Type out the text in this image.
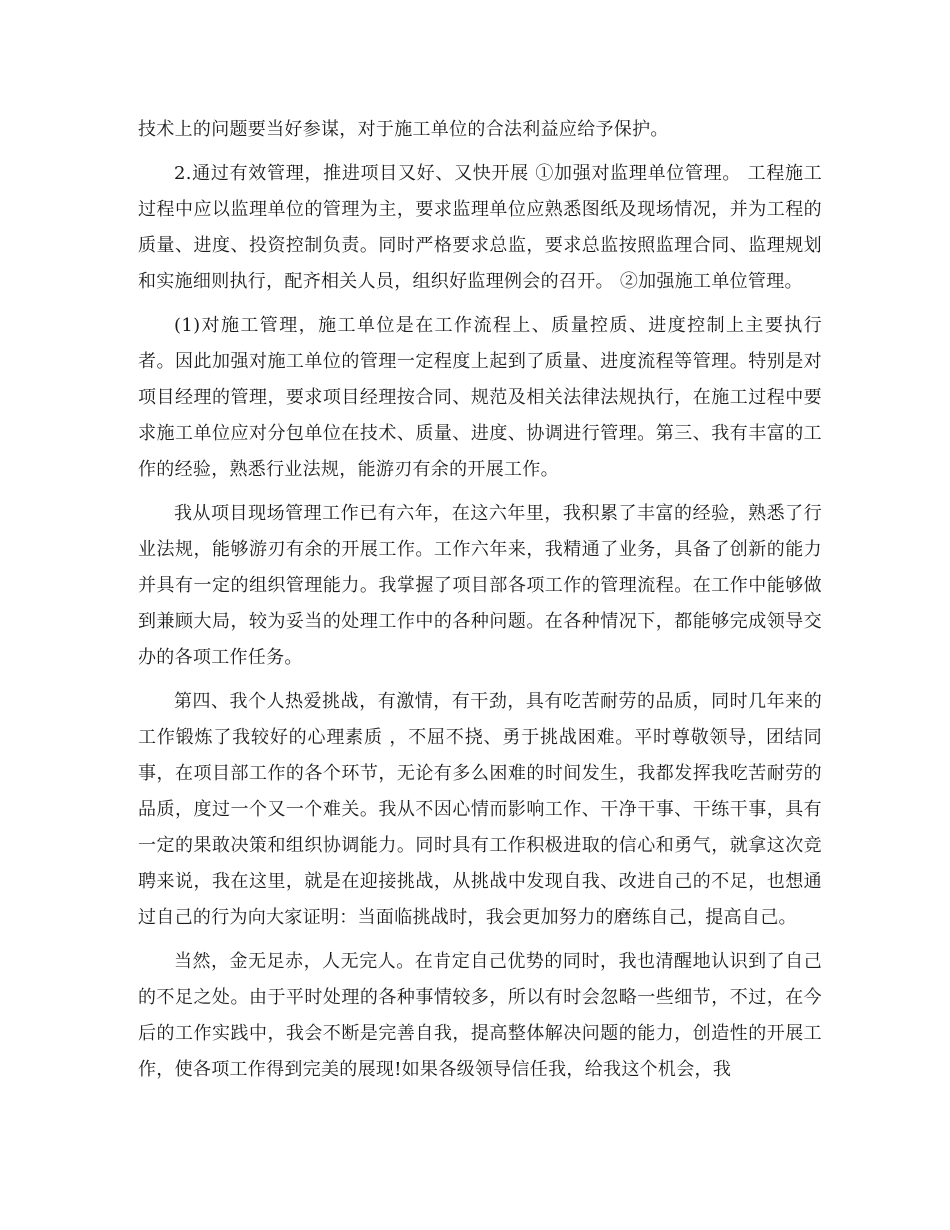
技术上的问题要当好参谋，对于施工单位的合法利益应给予保护。

2.通过有效管理，推进项目又好、又快开展 ①加强对监理单位管理。 工程施工过程中应以监理单位的管理为主，要求监理单位应熟悉图纸及现场情况，并为工程的质量、进度、投资控制负责。同时严格要求总监，要求总监按照监理合同、监理规划和实施细则执行，配齐相关人员，组织好监理例会的召开。 ②加强施工单位管理。

(1)对施工管理，施工单位是在工作流程上、质量控质、进度控制上主要执行者。因此加强对施工单位的管理一定程度上起到了质量、进度流程等管理。特别是对项目经理的管理，要求项目经理按合同、规范及相关法律法规执行，在施工过程中要求施工单位应对分包单位在技术、质量、进度、协调进行管理。第三、我有丰富的工作的经验，熟悉行业法规，能游刃有余的开展工作。

我从项目现场管理工作已有六年，在这六年里，我积累了丰富的经验，熟悉了行业法规，能够游刃有余的开展工作。工作六年来，我精通了业务，具备了创新的能力并具有一定的组织管理能力。我掌握了项目部各项工作的管理流程。在工作中能够做到兼顾大局，较为妥当的处理工作中的各种问题。在各种情况下，都能够完成领导交办的各项工作任务。

第四、我个人热爱挑战，有激情，有干劲，具有吃苦耐劳的品质，同时几年来的工作锻炼了我较好的心理素质 ，不屈不挠、勇于挑战困难。平时尊敬领导，团结同事，在项目部工作的各个环节，无论有多么困难的时间发生，我都发挥我吃苦耐劳的品质，度过一个又一个难关。我从不因心情而影响工作、干净干事、干练干事，具有一定的果敢决策和组织协调能力。同时具有工作积极进取的信心和勇气，就拿这次竞聘来说，我在这里，就是在迎接挑战，从挑战中发现自我、改进自己的不足，也想通过自己的行为向大家证明：当面临挑战时，我会更加努力的磨练自己，提高自己。

当然，金无足赤，人无完人。在肯定自己优势的同时，我也清醒地认识到了自己的不足之处。由于平时处理的各种事情较多，所以有时会忽略一些细节，不过，在今后的工作实践中，我会不断是完善自我，提高整体解决问题的能力，创造性的开展工作，使各项工作得到完美的展现!如果各级领导信任我，给我这个机会，我
